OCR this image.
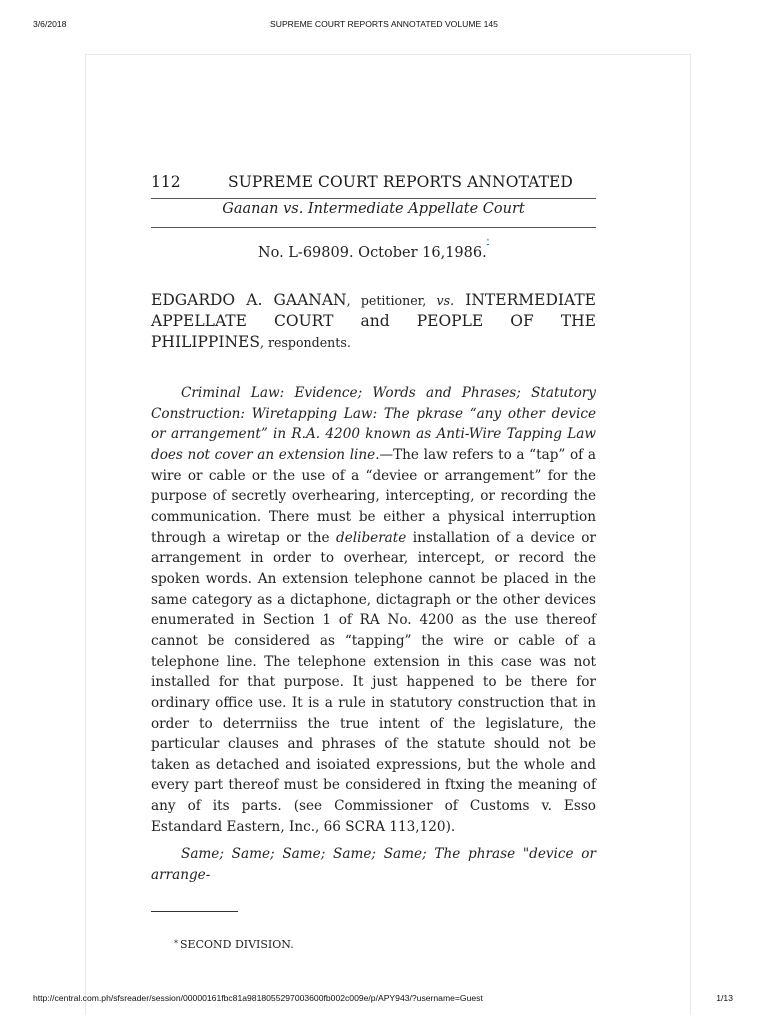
3/6/2018	SUPREME COURT REPORTS ANNOTATED VOLUME 145
112	SUPREME COURT REPORTS ANNOTATED
Gaanan vs. Intermediate Appellate Court
No. L-69809. October 16,1986.*
EDGARDO A. GAANAN, petitioner, vs. INTERMEDIATE APPELLATE COURT and PEOPLE OF THE PHILIPPINES, respondents.

Criminal Law: Evidence; Words and Phrases; Statutory Construction: Wiretapping Law: The pkrase “any other device or arrangement” in R.A. 4200 known as Anti-Wire Tapping Law does not cover an extension line.—The law refers to a “tap” of a wire or cable or the use of a “deviee or arrangement” for the purpose of secretly overhearing, intercepting, or recording the communication. There must be either a physical interruption through a wiretap or the deliberate installation of a device or arrangement in order to overhear, intercept, or record the spoken words. An extension telephone cannot be placed in the same category as a dictaphone, dictagraph or the other devices enumerated in Section 1 of RA No. 4200 as the use thereof cannot be considered as “tapping” the wire or cable of a telephone line. The telephone extension in this case was not installed for that purpose. It just happened to be there for ordinary office use. It is a rule in statutory construction that in order to deterrniiss the true intent of the legislature, the particular clauses and phrases of the statute should not be taken as detached and isoiated expressions, but the whole and every part thereof must be considered in ftxing the meaning of any of its parts. (see Commissioner of Customs v. Esso Estandard Eastern, Inc., 66 SCRA 113,120).

Same; Same; Same; Same; Same; The phrase "device or arrange-

* SECOND DIVISION.
http://central.com.ph/sfsreader/session/00000161fbc81a9818055297003600fb002c009e/p/APY943/?username=Guest	1/13
